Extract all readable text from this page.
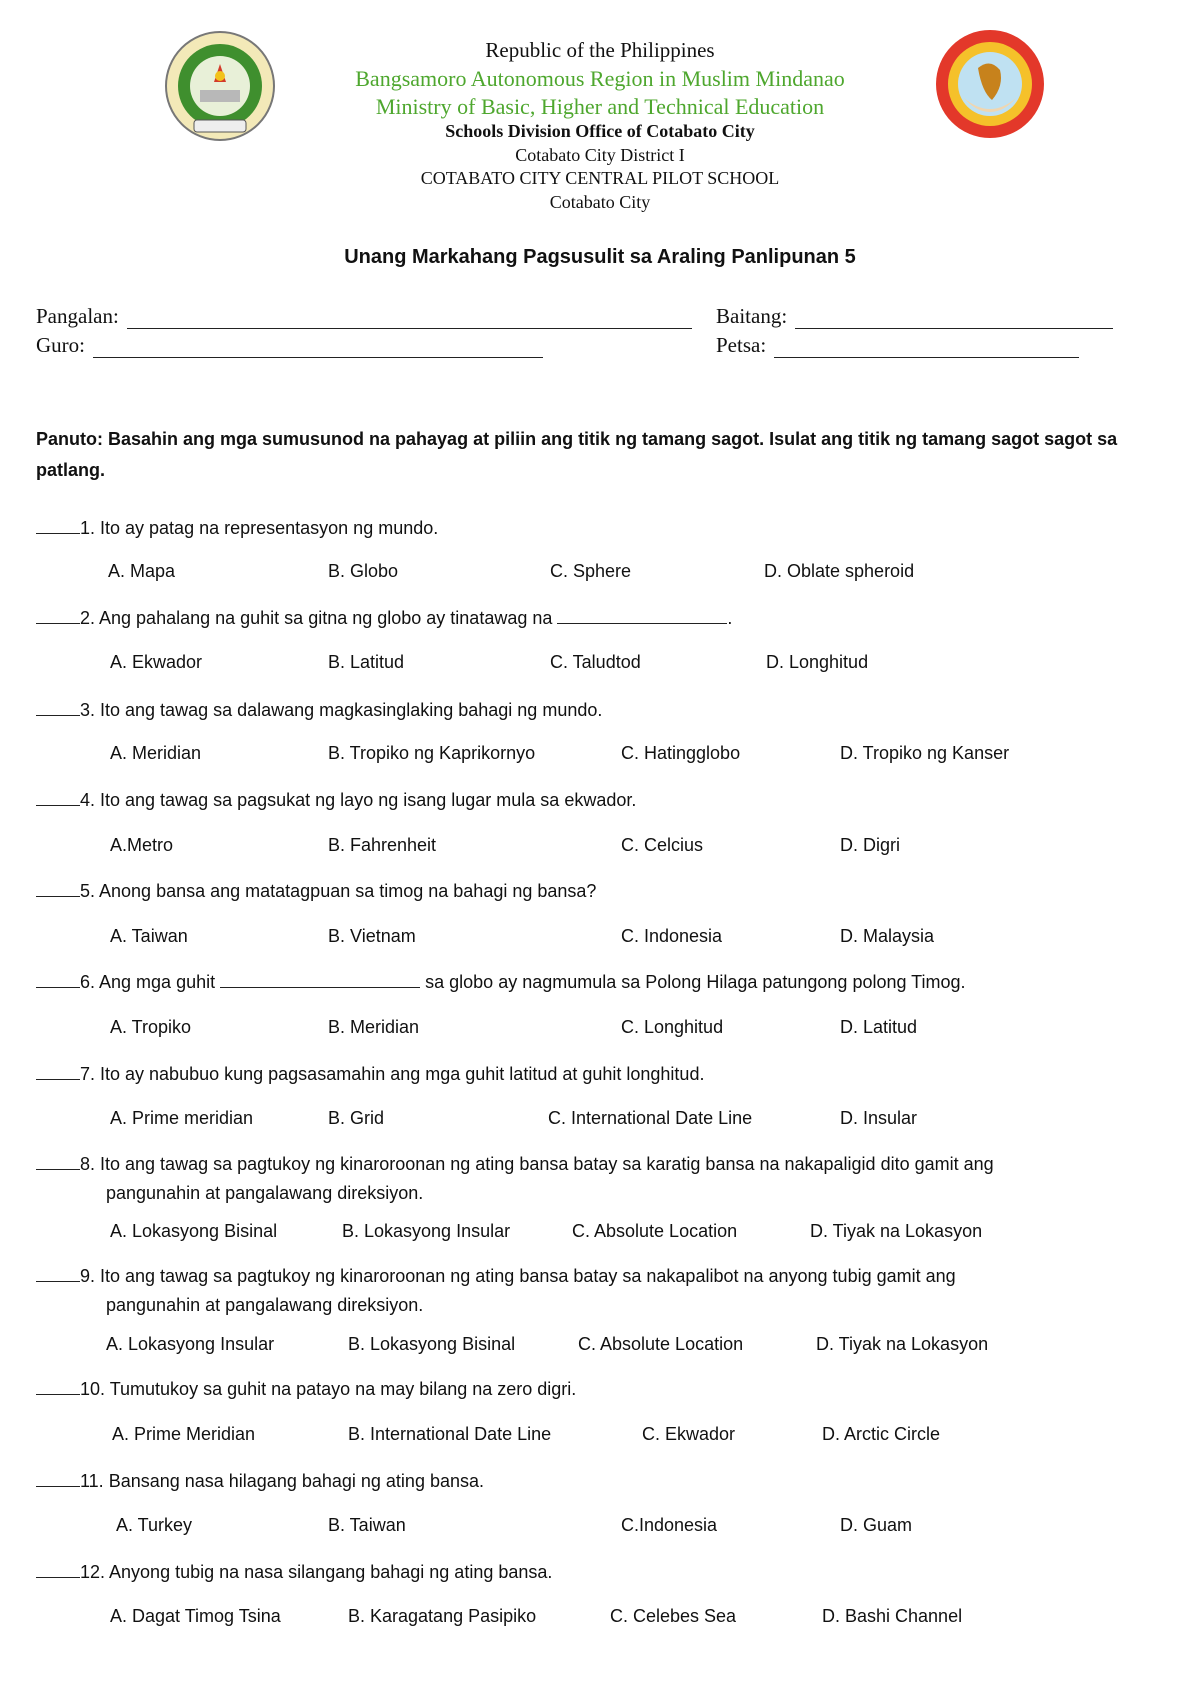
Republic of the Philippines
Bangsamoro Autonomous Region in Muslim Mindanao
Ministry of Basic, Higher and Technical Education
Schools Division Office of Cotabato City
Cotabato City District I
COTABATO CITY CENTRAL PILOT SCHOOL
Cotabato City
Unang Markahang Pagsusulit sa Araling Panlipunan 5
Pangalan:	Baitang:
Guro:	Petsa:
Panuto: Basahin ang mga sumusunod na pahayag at piliin ang titik ng tamang sagot. Isulat ang titik ng tamang sagot sagot sa patlang.
1. Ito ay patag na representasyon ng mundo.
A. Mapa	B. Globo	C. Sphere	D. Oblate spheroid
2. Ang pahalang na guhit sa gitna ng globo ay tinatawag na	.
A. Ekwador	B. Latitud	C. Taludtod	D. Longhitud
3. Ito ang tawag sa dalawang magkasinglaking bahagi ng mundo.
A. Meridian	B. Tropiko ng Kaprikornyo	C. Hatingglobo	D. Tropiko ng Kanser
4. Ito ang tawag sa pagsukat ng layo ng isang lugar mula sa ekwador.
A.Metro	B. Fahrenheit	C. Celcius	D. Digri
5. Anong bansa ang matatagpuan sa timog na bahagi ng bansa?
A. Taiwan	B. Vietnam	C. Indonesia	D. Malaysia
6. Ang mga guhit	sa globo ay nagmumula sa Polong Hilaga patungong polong Timog.
A. Tropiko	B. Meridian	C. Longhitud	D. Latitud
7. Ito ay nabubuo kung pagsasamahin ang mga guhit latitud at guhit longhitud.
A. Prime meridian	B. Grid	C. International Date Line	D. Insular
8. Ito ang tawag sa pagtukoy ng kinaroroonan ng ating bansa batay sa karatig bansa na nakapaligid dito gamit ang
pangunahin at pangalawang direksiyon.
A. Lokasyong Bisinal	B. Lokasyong Insular	C. Absolute Location	D. Tiyak na Lokasyon
9. Ito ang tawag sa pagtukoy ng kinaroroonan ng ating bansa batay sa nakapalibot na anyong tubig gamit ang
pangunahin at pangalawang direksiyon.
A. Lokasyong Insular	B. Lokasyong Bisinal	C. Absolute Location	D. Tiyak na Lokasyon
10. Tumutukoy sa guhit na patayo na may bilang na zero digri.
A. Prime Meridian	B. International Date Line	C. Ekwador	D. Arctic Circle
11. Bansang nasa hilagang bahagi ng ating bansa.
A. Turkey	B. Taiwan	C.Indonesia	D. Guam
12. Anyong tubig na nasa silangang bahagi ng ating bansa.
A. Dagat Timog Tsina	B. Karagatang Pasipiko	C. Celebes Sea	D. Bashi Channel
